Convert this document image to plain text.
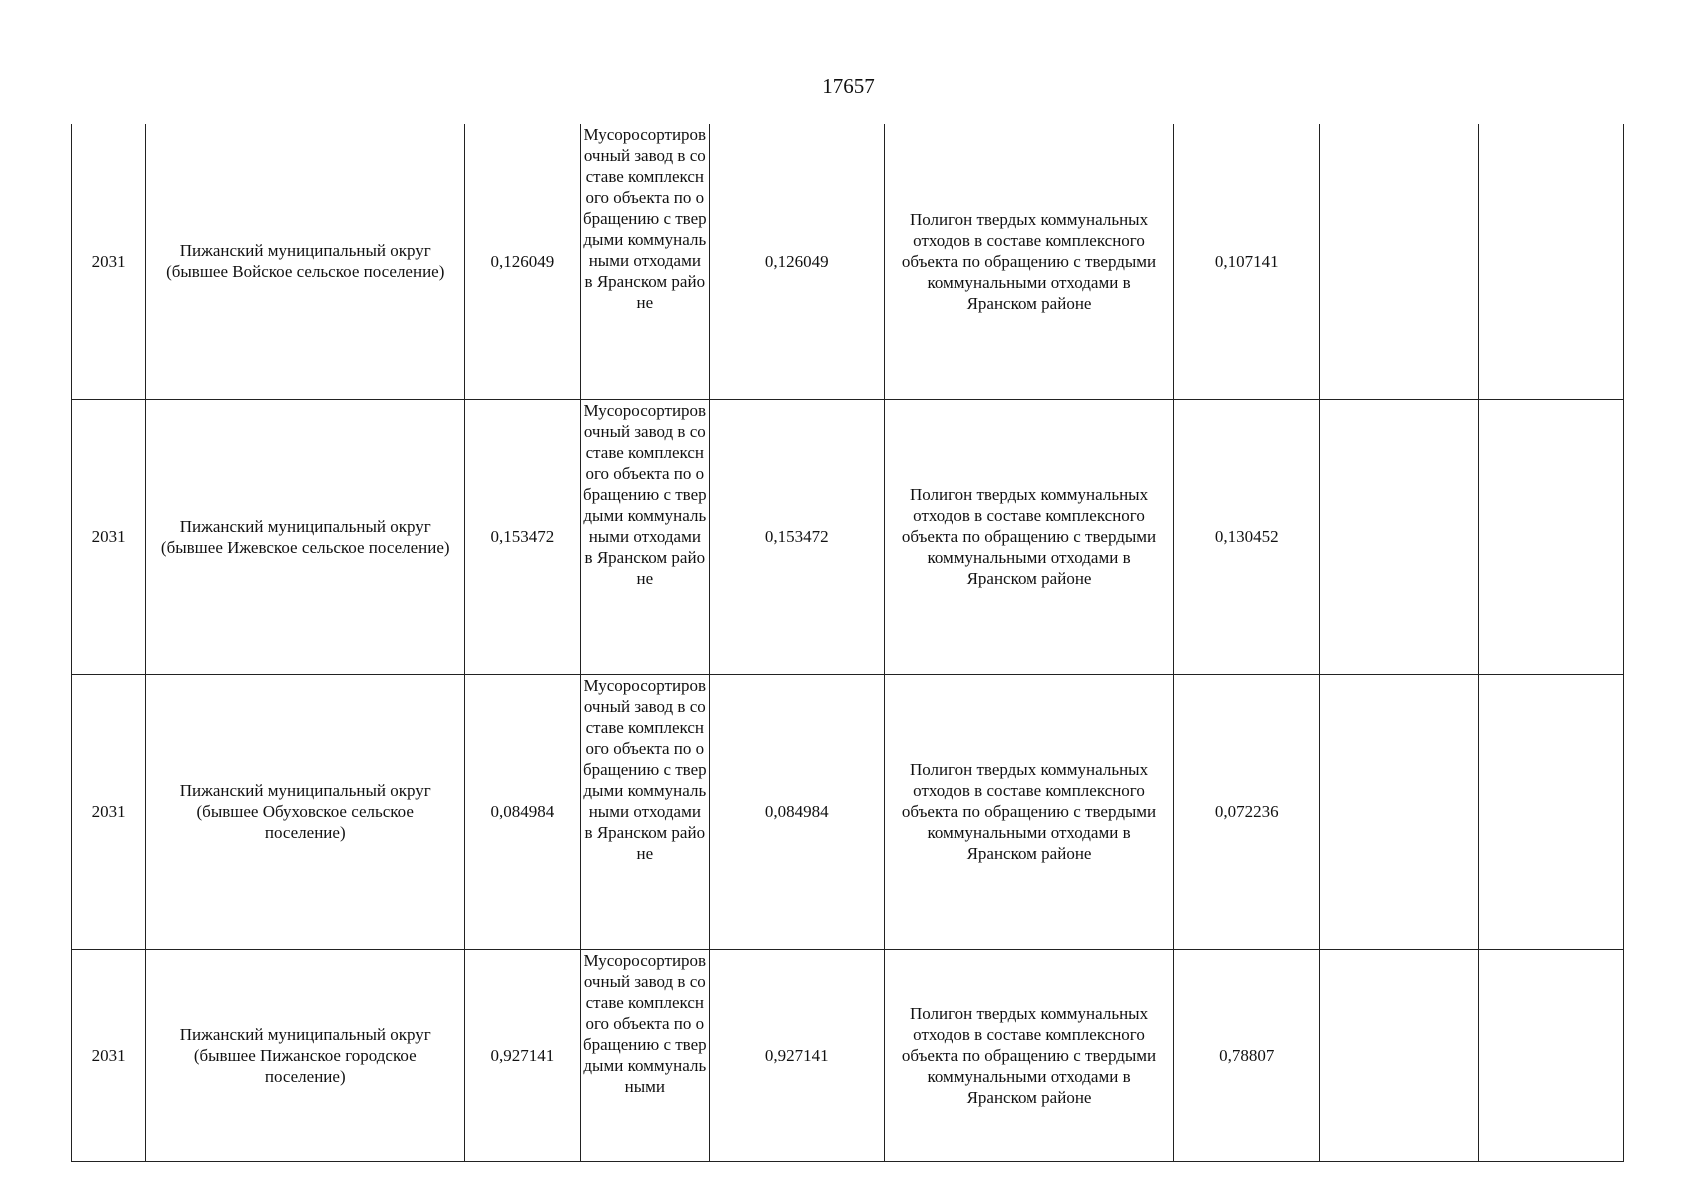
17657
2031	Пижанский муниципальный округ (бывшее Войское сельское поселение)	0,126049	Мусоросортировочный завод в составе комплексного объекта по обращению с твердыми коммунальными отходами в Яранском районе	0,126049	Полигон твердых коммунальных отходов в составе комплексного объекта по обращению с твердыми коммунальными отходами в Яранском районе	0,107141		
2031	Пижанский муниципальный округ (бывшее Ижевское сельское поселение)	0,153472	Мусоросортировочный завод в составе комплексного объекта по обращению с твердыми коммунальными отходами в Яранском районе	0,153472	Полигон твердых коммунальных отходов в составе комплексного объекта по обращению с твердыми коммунальными отходами в Яранском районе	0,130452		
2031	Пижанский муниципальный округ (бывшее Обуховское сельское поселение)	0,084984	Мусоросортировочный завод в составе комплексного объекта по обращению с твердыми коммунальными отходами в Яранском районе	0,084984	Полигон твердых коммунальных отходов в составе комплексного объекта по обращению с твердыми коммунальными отходами в Яранском районе	0,072236		
2031	Пижанский муниципальный округ (бывшее Пижанское городское поселение)	0,927141	Мусоросортировочный завод в составе комплексного объекта по обращению с твердыми коммунальными	0,927141	Полигон твердых коммунальных отходов в составе комплексного объекта по обращению с твердыми коммунальными отходами в Яранском районе	0,78807		
